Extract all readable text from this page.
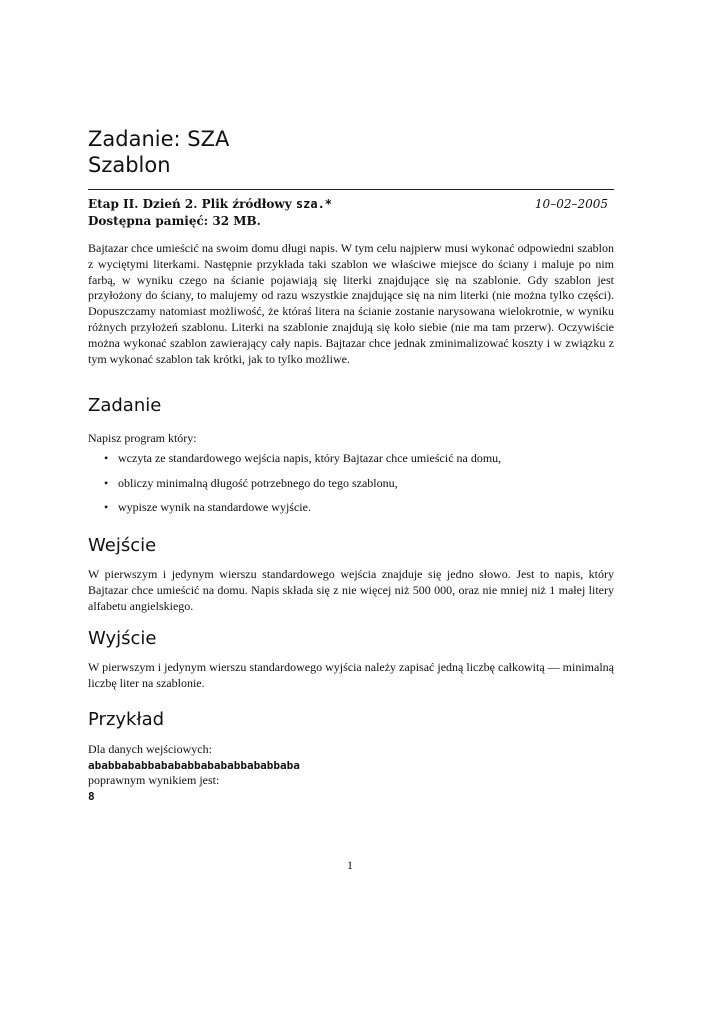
Zadanie: SZA
Szablon
Etap II. Dzień 2. Plik źródłowy sza.*	10–02–2005
Dostępna pamięć: 32 MB.

Bajtazar chce umieścić na swoim domu długi napis. W tym celu najpierw musi wykonać odpowiedni szablon z wyciętymi literkami. Następnie przykłada taki szablon we właściwe miejsce do ściany i maluje po nim farbą, w wyniku czego na ścianie pojawiają się literki znajdujące się na szablonie. Gdy szablon jest przyłożony do ściany, to malujemy od razu wszystkie znajdujące się na nim literki (nie można tylko części). Dopuszczamy natomiast możliwość, że któraś litera na ścianie zostanie narysowana wielokrotnie, w wyniku różnych przyłożeń szablonu. Literki na szablonie znajdują się koło siebie (nie ma tam przerw). Oczywiście można wykonać szablon zawierający cały napis. Bajtazar chce jednak zminimalizować koszty i w związku z tym wykonać szablon tak krótki, jak to tylko możliwe.

Zadanie

Napisz program który:

• wczyta ze standardowego wejścia napis, który Bajtazar chce umieścić na domu,
• obliczy minimalną długość potrzebnego do tego szablonu,
• wypisze wynik na standardowe wyjście.
Wejście

W pierwszym i jedynym wierszu standardowego wejścia znajduje się jedno słowo. Jest to napis, który Bajtazar chce umieścić na domu. Napis składa się z nie więcej niż 500 000, oraz nie mniej niż 1 małej litery alfabetu angielskiego.

Wyjście

W pierwszym i jedynym wierszu standardowego wyjścia należy zapisać jedną liczbę całkowitą — minimalną liczbę liter na szablonie.

Przykład
Dla danych wejściowych:
ababbababbabababbabababbababbaba
poprawnym wynikiem jest:
8
1
